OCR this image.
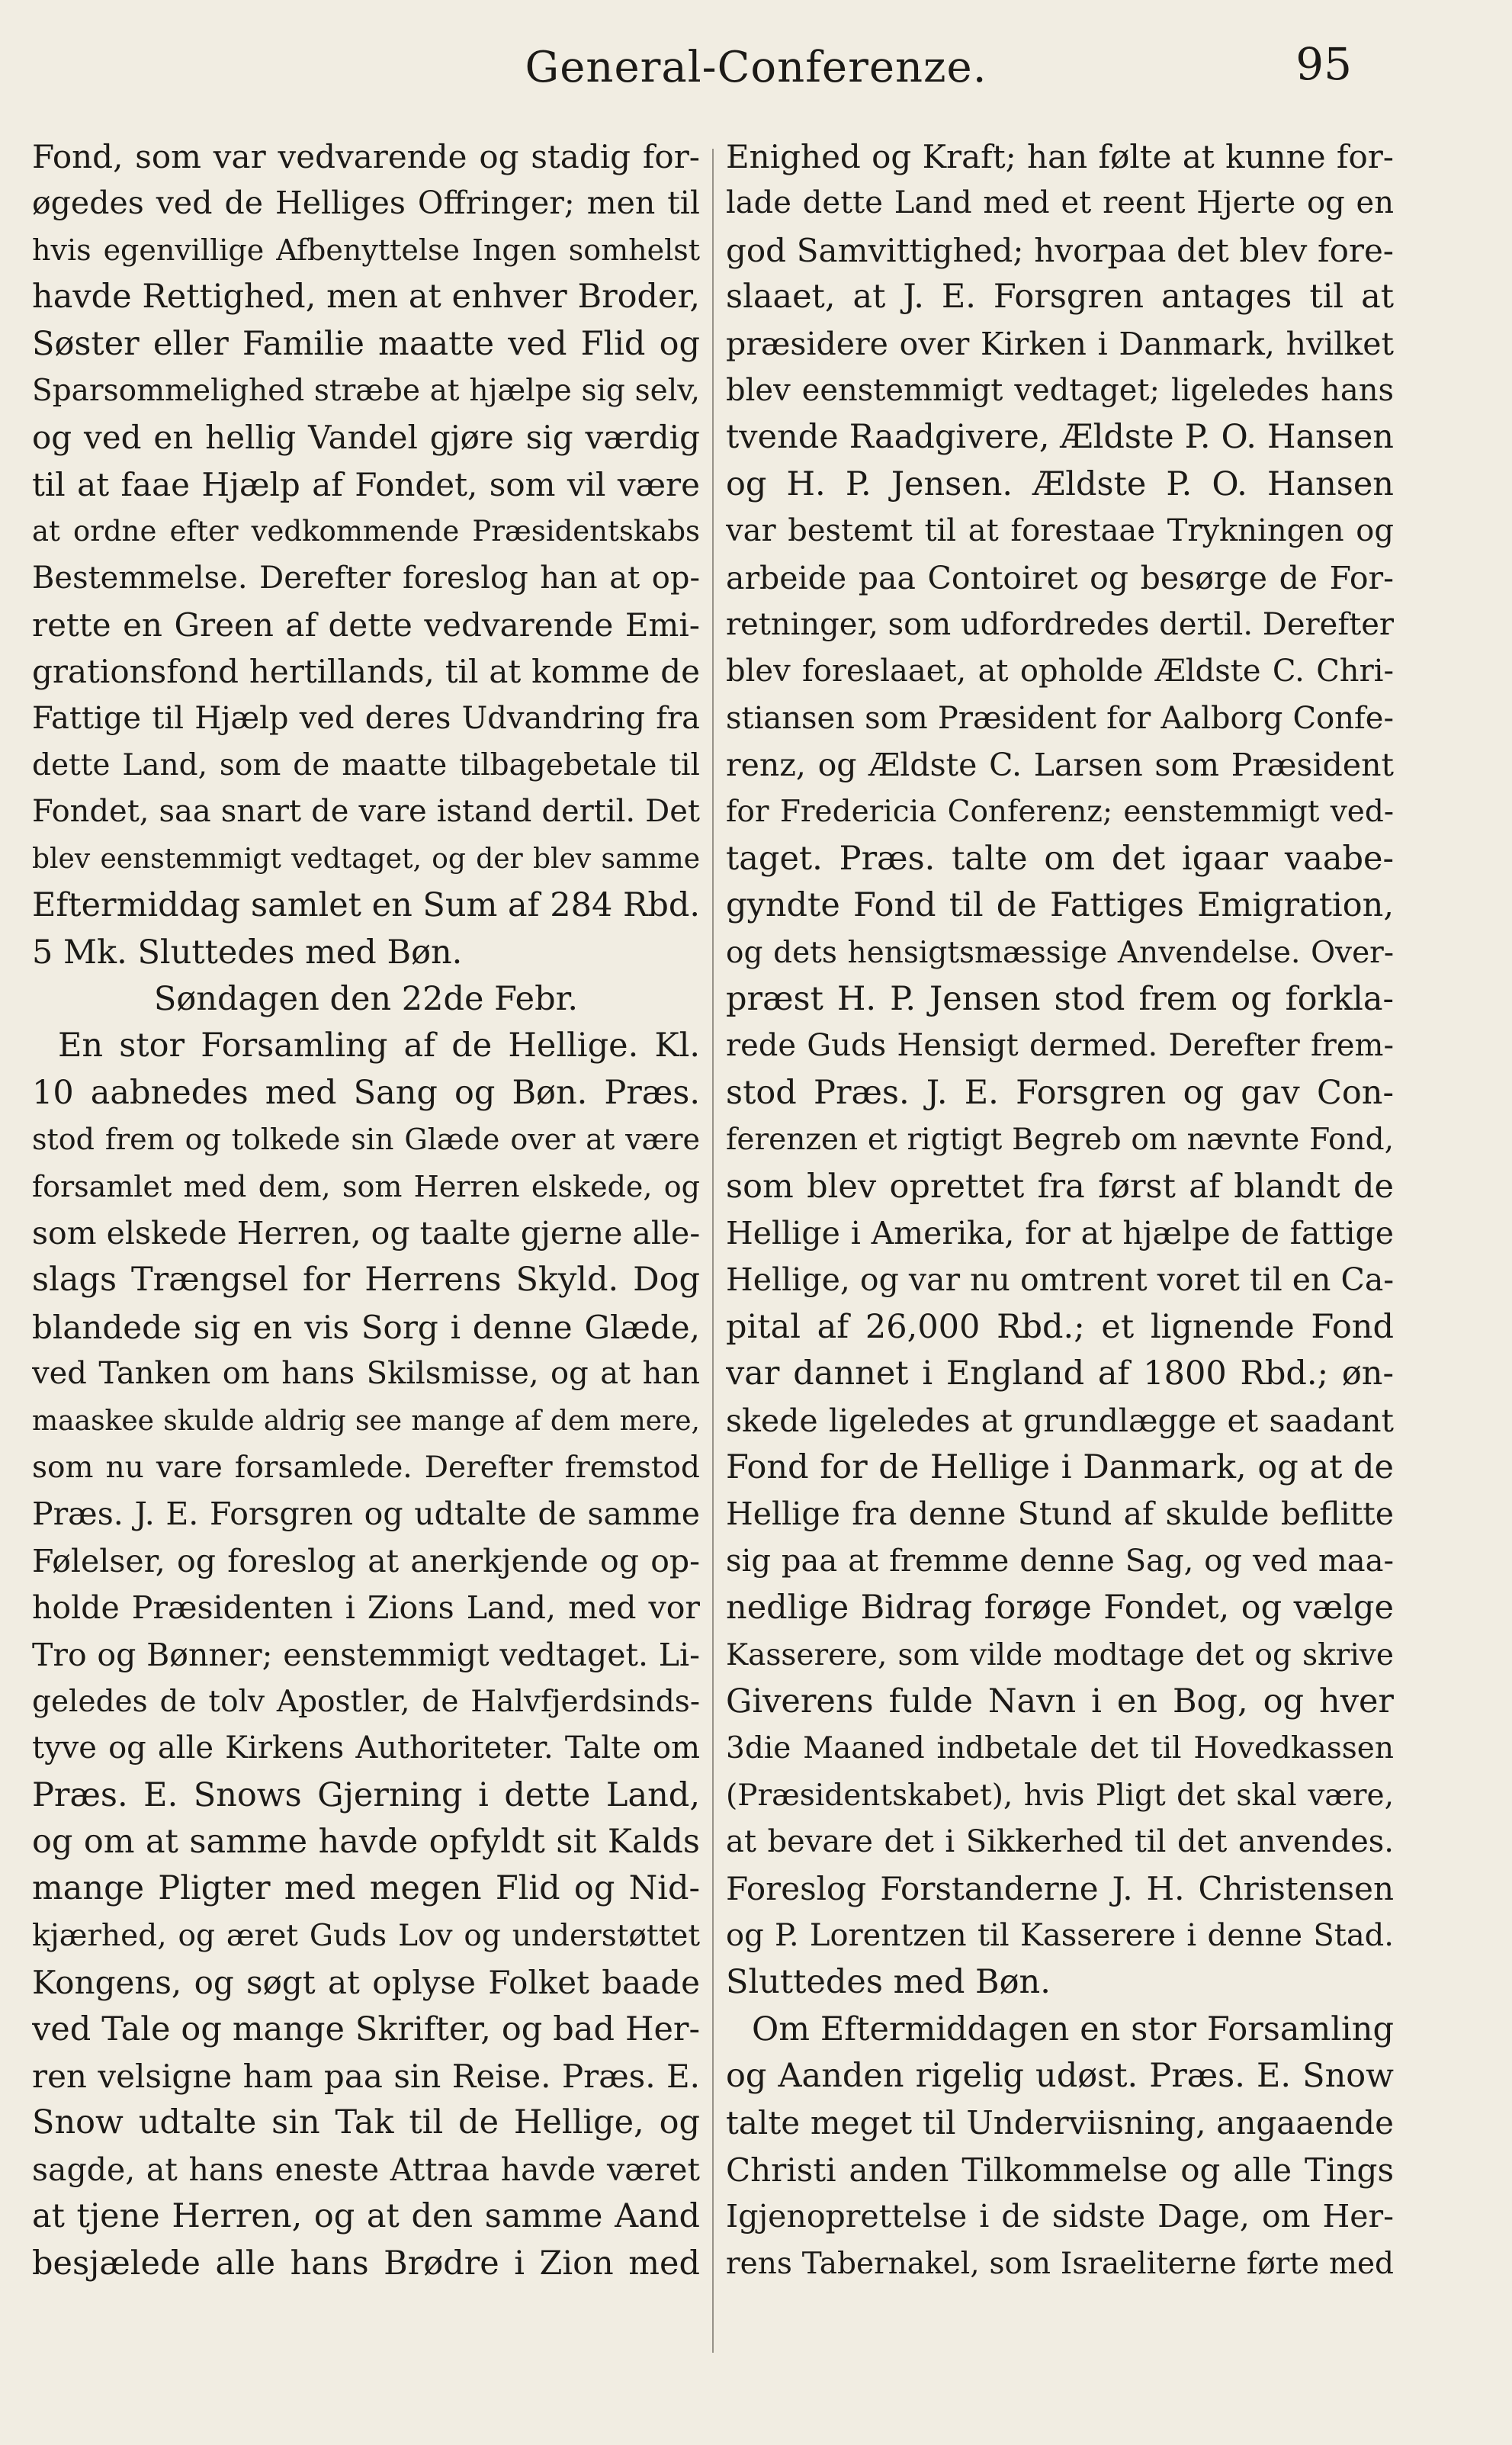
General-Conferenze.	95
Fond, som var vedvarende og stadig for-
øgedes ved de Helliges Offringer; men til
hvis egenvillige Afbenyttelse Ingen somhelst
havde Rettighed, men at enhver Broder,
Søster eller Familie maatte ved Flid og
Sparsommelighed stræbe at hjælpe sig selv,
og ved en hellig Vandel gjøre sig værdig
til at faae Hjælp af Fondet, som vil være
at ordne efter vedkommende Præsidentskabs
Bestemmelse. Derefter foreslog han at op-
rette en Green af dette vedvarende Emi-
grationsfond hertillands, til at komme de
Fattige til Hjælp ved deres Udvandring fra
dette Land, som de maatte tilbagebetale til
Fondet, saa snart de vare istand dertil. Det
blev eenstemmigt vedtaget, og der blev samme
Eftermiddag samlet en Sum af 284 Rbd.
5 Mk. Sluttedes med Bøn.
Søndagen den 22de Febr.
En stor Forsamling af de Hellige. Kl.
10 aabnedes med Sang og Bøn. Præs.
stod frem og tolkede sin Glæde over at være
forsamlet med dem, som Herren elskede, og
som elskede Herren, og taalte gjerne alle-
slags Trængsel for Herrens Skyld. Dog
blandede sig en vis Sorg i denne Glæde,
ved Tanken om hans Skilsmisse, og at han
maaskee skulde aldrig see mange af dem mere,
som nu vare forsamlede. Derefter fremstod
Præs. J. E. Forsgren og udtalte de samme
Følelser, og foreslog at anerkjende og op-
holde Præsidenten i Zions Land, med vor
Tro og Bønner; eenstemmigt vedtaget. Li-
geledes de tolv Apostler, de Halvfjerdsinds-
tyve og alle Kirkens Authoriteter. Talte om
Præs. E. Snows Gjerning i dette Land,
og om at samme havde opfyldt sit Kalds
mange Pligter med megen Flid og Nid-
kjærhed, og æret Guds Lov og understøttet
Kongens, og søgt at oplyse Folket baade
ved Tale og mange Skrifter, og bad Her-
ren velsigne ham paa sin Reise. Præs. E.
Snow udtalte sin Tak til de Hellige, og
sagde, at hans eneste Attraa havde været
at tjene Herren, og at den samme Aand
besjælede alle hans Brødre i Zion med
Enighed og Kraft; han følte at kunne for-
lade dette Land med et reent Hjerte og en
god Samvittighed; hvorpaa det blev fore-
slaaet, at J. E. Forsgren antages til at
præsidere over Kirken i Danmark, hvilket
blev eenstemmigt vedtaget; ligeledes hans
tvende Raadgivere, Ældste P. O. Hansen
og H. P. Jensen. Ældste P. O. Hansen
var bestemt til at forestaae Trykningen og
arbeide paa Contoiret og besørge de For-
retninger, som udfordredes dertil. Derefter
blev foreslaaet, at opholde Ældste C. Chri-
stiansen som Præsident for Aalborg Confe-
renz, og Ældste C. Larsen som Præsident
for Fredericia Conferenz; eenstemmigt ved-
taget. Præs. talte om det igaar vaabe-
gyndte Fond til de Fattiges Emigration,
og dets hensigtsmæssige Anvendelse. Over-
præst H. P. Jensen stod frem og forkla-
rede Guds Hensigt dermed. Derefter frem-
stod Præs. J. E. Forsgren og gav Con-
ferenzen et rigtigt Begreb om nævnte Fond,
som blev oprettet fra først af blandt de
Hellige i Amerika, for at hjælpe de fattige
Hellige, og var nu omtrent voret til en Ca-
pital af 26,000 Rbd.; et lignende Fond
var dannet i England af 1800 Rbd.; øn-
skede ligeledes at grundlægge et saadant
Fond for de Hellige i Danmark, og at de
Hellige fra denne Stund af skulde beflitte
sig paa at fremme denne Sag, og ved maa-
nedlige Bidrag forøge Fondet, og vælge
Kasserere, som vilde modtage det og skrive
Giverens fulde Navn i en Bog, og hver
3die Maaned indbetale det til Hovedkassen
(Præsidentskabet), hvis Pligt det skal være,
at bevare det i Sikkerhed til det anvendes.
Foreslog Forstanderne J. H. Christensen
og P. Lorentzen til Kasserere i denne Stad.
Sluttedes med Bøn.
Om Eftermiddagen en stor Forsamling
og Aanden rigelig udøst. Præs. E. Snow
talte meget til Underviisning, angaaende
Christi anden Tilkommelse og alle Tings
Igjenoprettelse i de sidste Dage, om Her-
rens Tabernakel, som Israeliterne førte med
